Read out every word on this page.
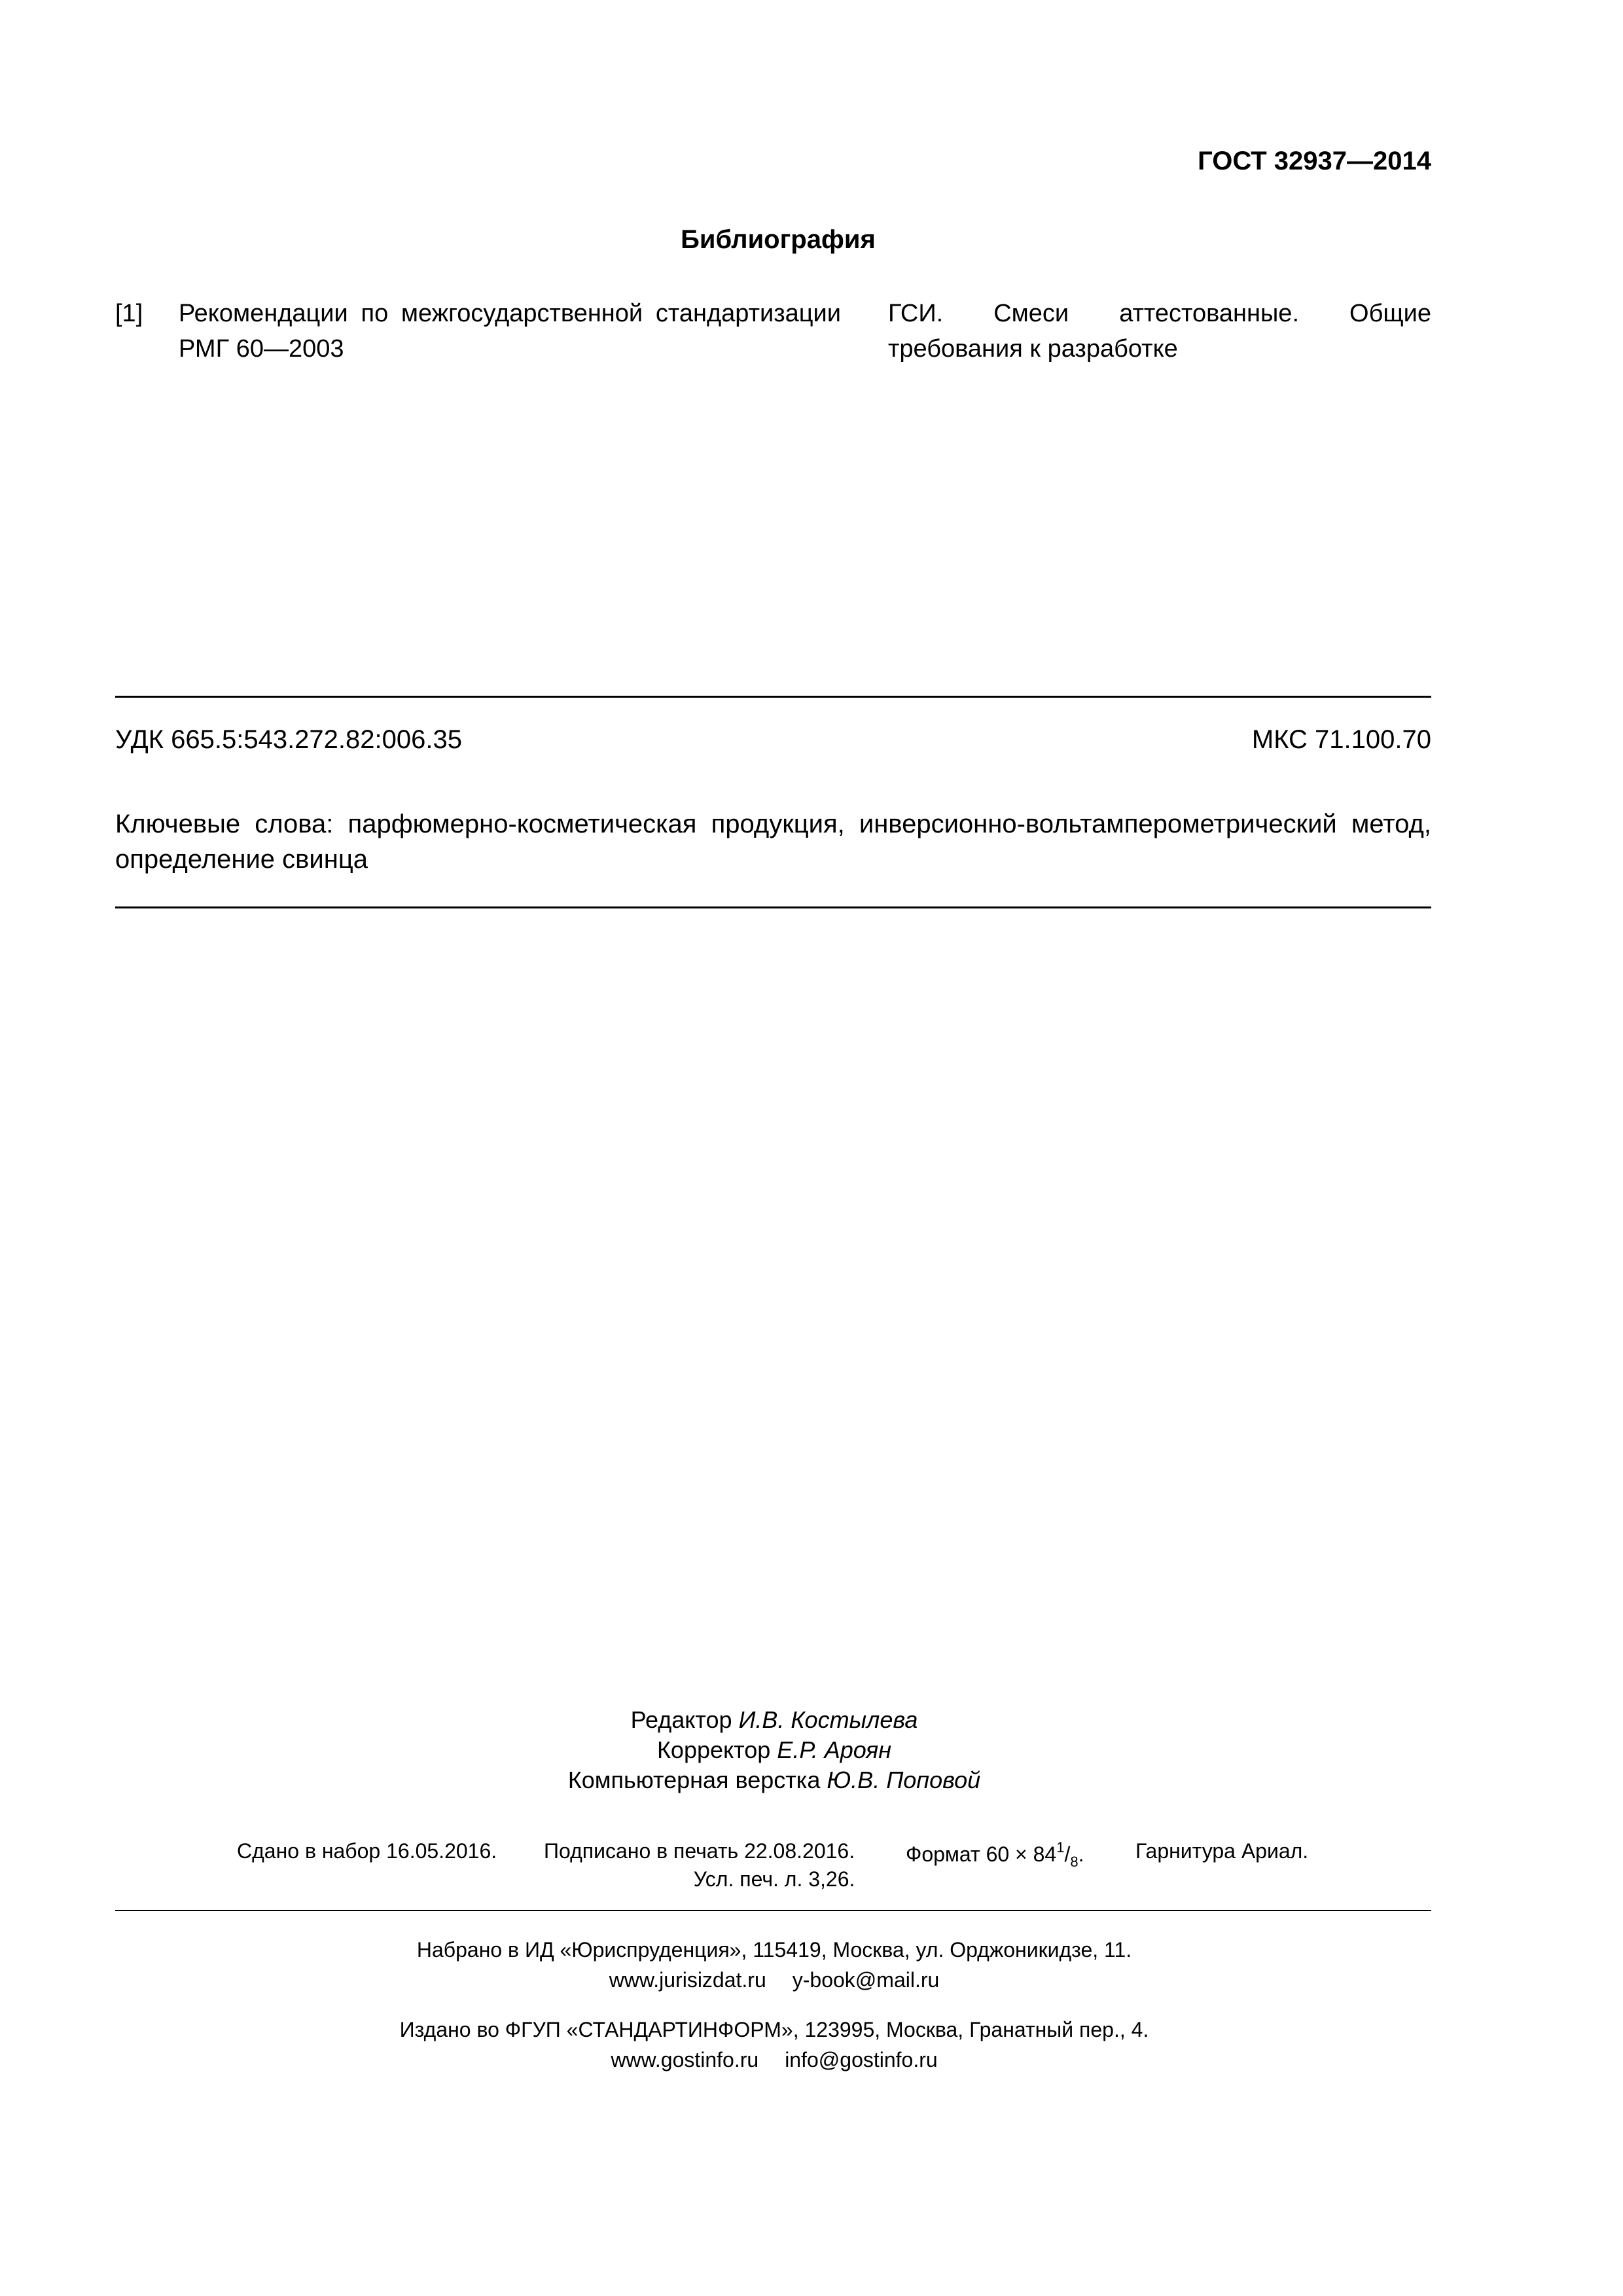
ГОСТ 32937—2014
Библиография
[1] Рекомендации по межгосударственной стандартизации РМГ 60—2003
ГСИ. Смеси аттестованные. Общие требования к разработке
УДК 665.5:543.272.82:006.35	МКС 71.100.70
Ключевые слова: парфюмерно-косметическая продукция, инверсионно-вольтамперометрический метод, определение свинца
Редактор И.В. Костылева
Корректор Е.Р. Ароян
Компьютерная верстка Ю.В. Поповой
Сдано в набор 16.05.2016. Подписано в печать 22.08.2016. Формат $60 \times 84^1/_8$. Гарнитура Ариал.
Усл. печ. л. 3,26.
Набрано в ИД «Юриспруденция», 115419, Москва, ул. Орджоникидзе, 11.
www.jurisizdat.ru y-book@mail.ru
Издано во ФГУП «СТАНДАРТИНФОРМ», 123995, Москва, Гранатный пер., 4.
www.gostinfo.ru info@gostinfo.ru
